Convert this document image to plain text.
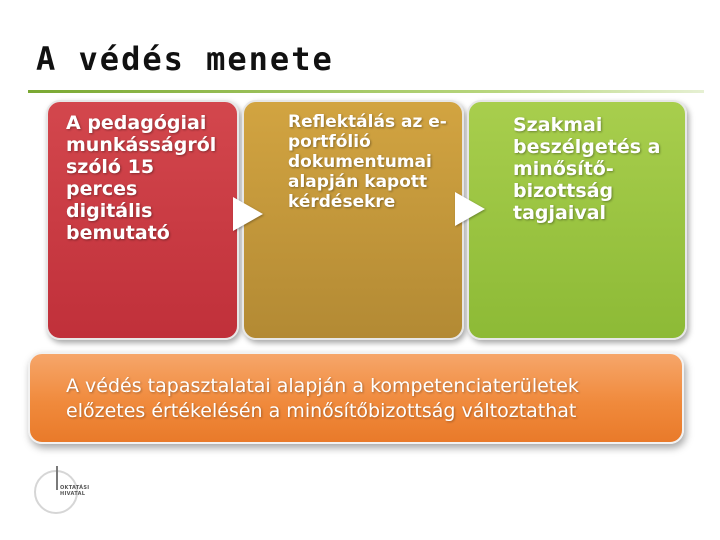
A védés menete

A pedagógiai
munkásságról
szóló 15 perces
digitális
bemutató

Reflektálás az e-
portfólió
dokumentumai
alapján kapott
kérdésekre

Szakmai
beszélgetés a
minősítő-
bizottság
tagjaival

A védés tapasztalatai alapján a kompetenciaterületek
előzetes értékelésén a minősítőbizottság változtathat

OKTATÁSI HIVATAL
